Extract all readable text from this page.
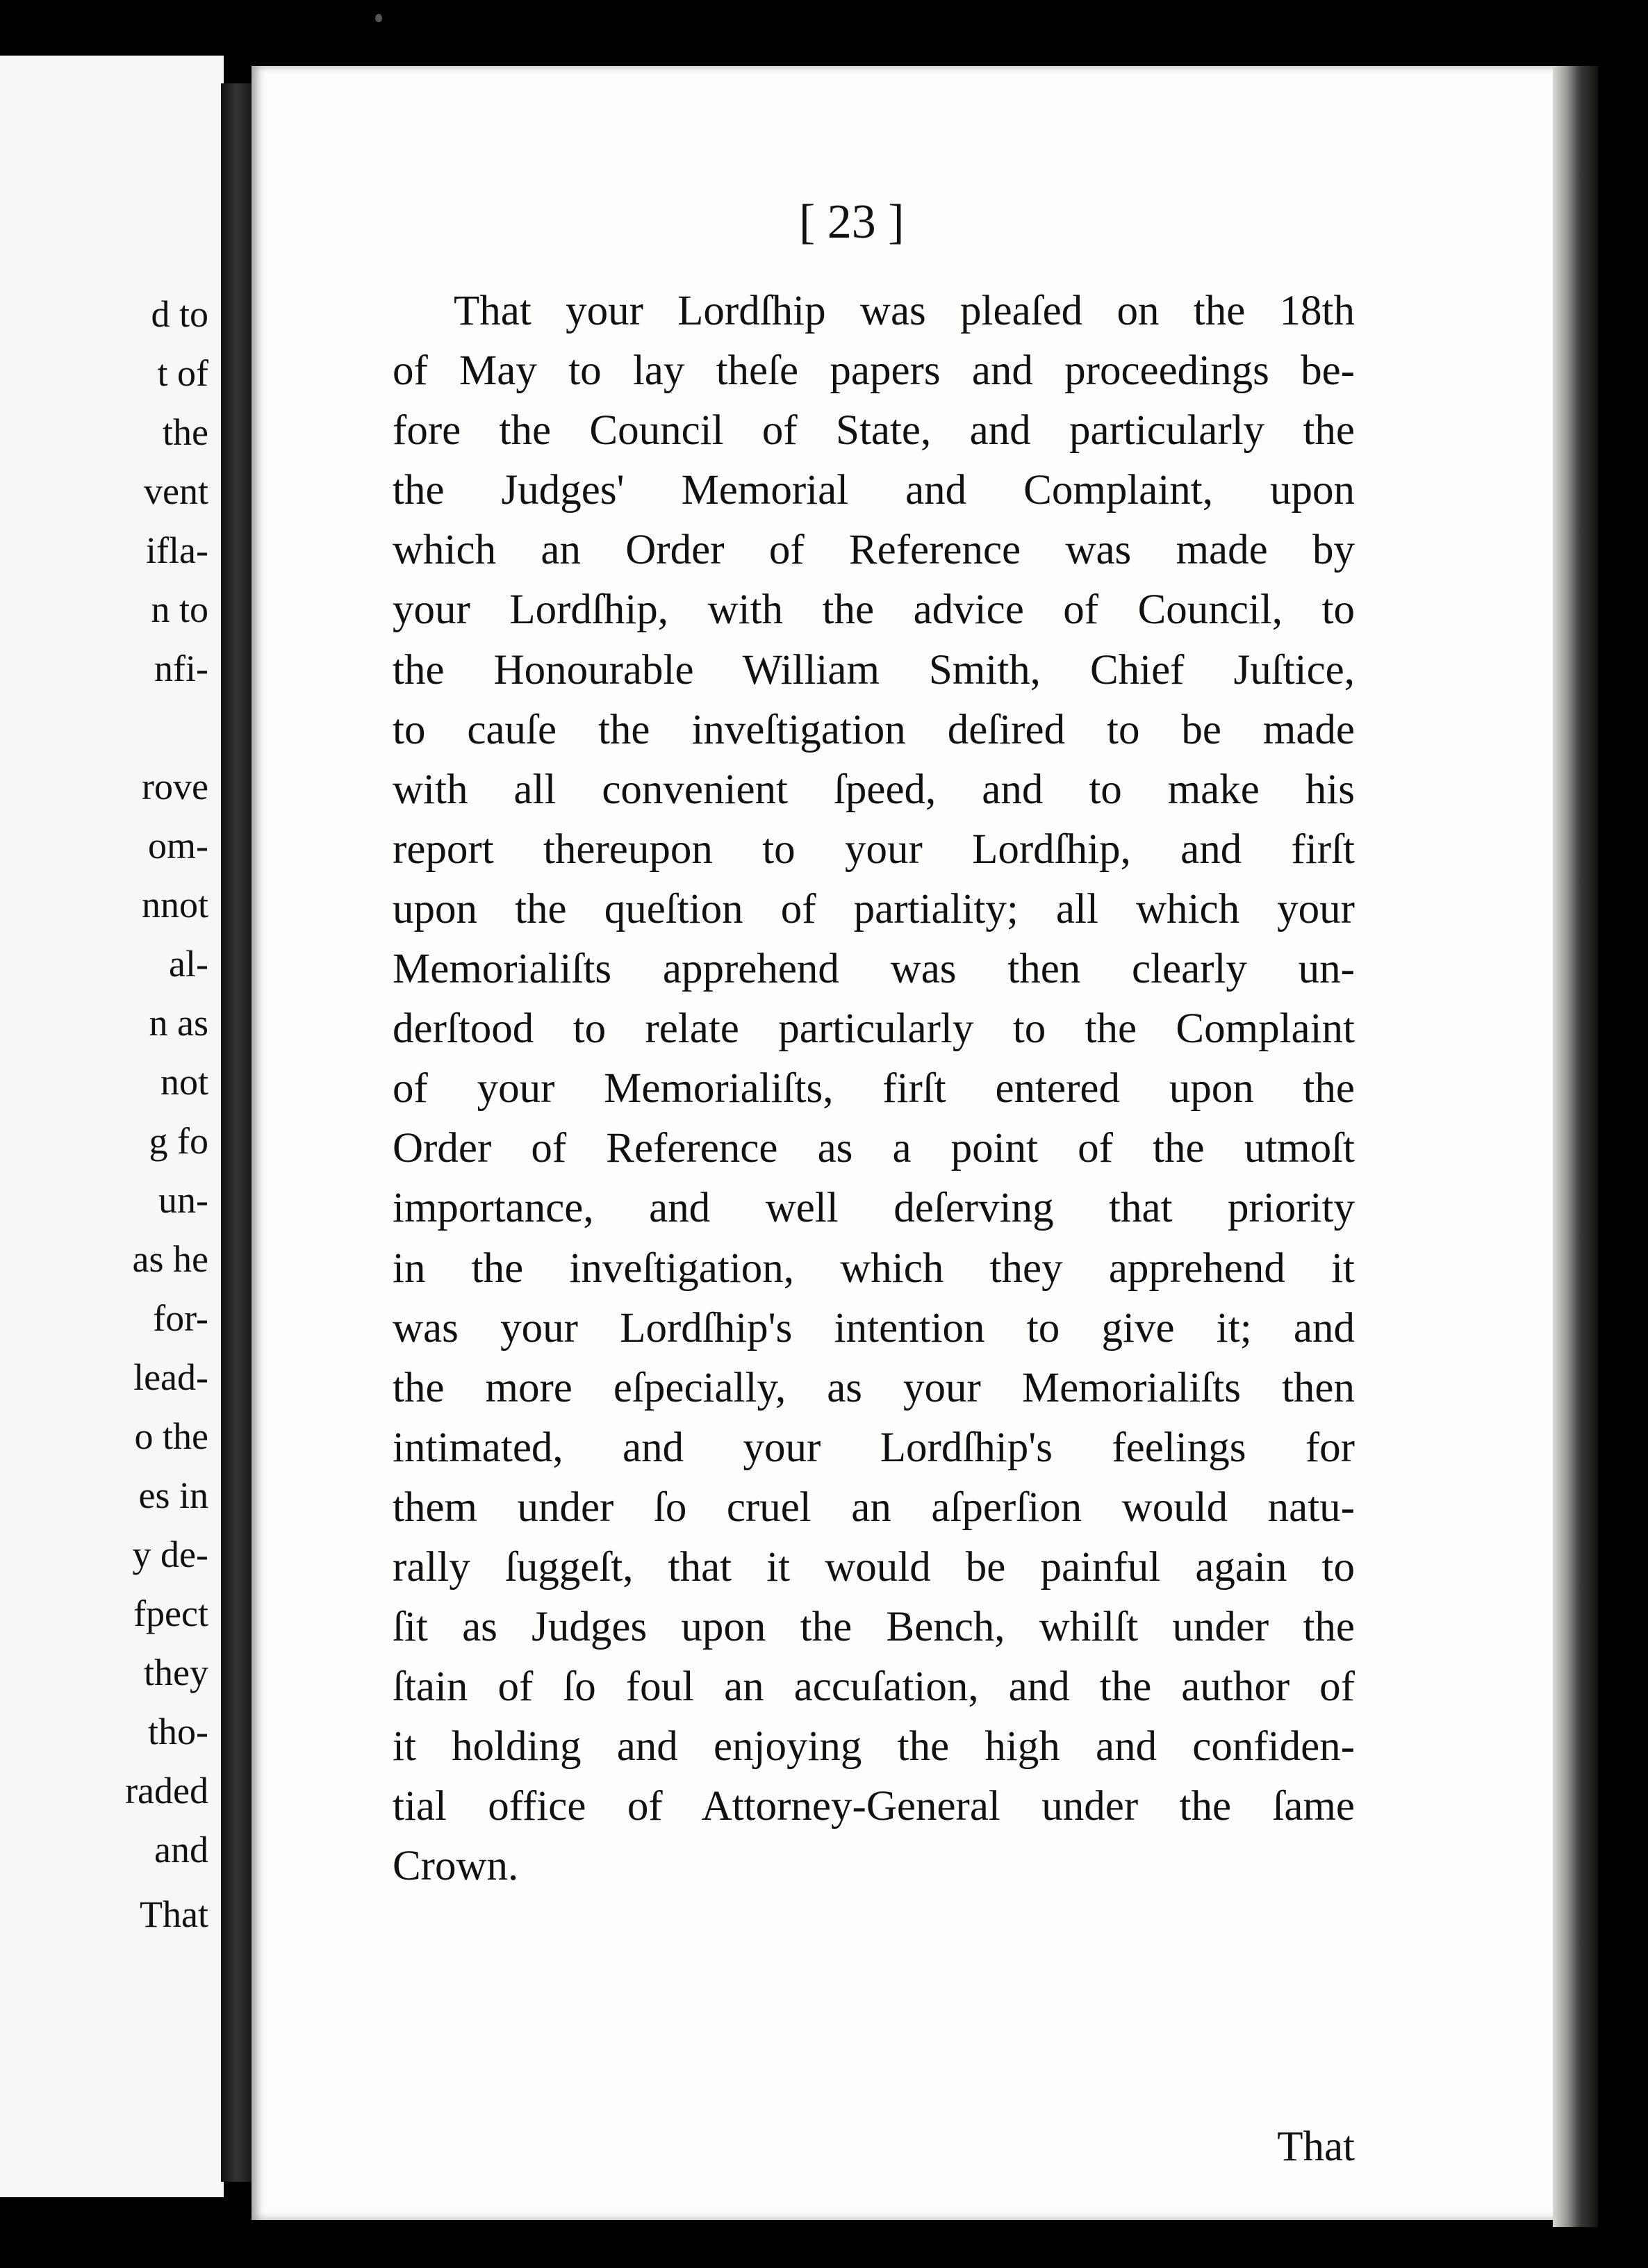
d to
t of
the
vent
ifla-
n to
nfi-
rove
om-
nnot
al-
n as
not
g fo
un-
as he
for-
lead-
o the
es in
y de-
fpect
they
tho-
raded
and
That
[ 23 ]
That your Lordſhip was pleaſed on the 18th
of May to lay theſe papers and proceedings be-
fore the Council of State, and particularly the
the Judges' Memorial and Complaint, upon
which an Order of Reference was made by
your Lordſhip, with the advice of Council, to
the Honourable William Smith, Chief Juſtice,
to cauſe the inveſtigation deſired to be made
with all convenient ſpeed, and to make his
report thereupon to your Lordſhip, and firſt
upon the queſtion of partiality; all which your
Memorialiſts apprehend was then clearly un-
derſtood to relate particularly to the Complaint
of your Memorialiſts, firſt entered upon the
Order of Reference as a point of the utmoſt
importance, and well deſerving that priority
in the inveſtigation, which they apprehend it
was your Lordſhip's intention to give it; and
the more eſpecially, as your Memorialiſts then
intimated, and your Lordſhip's feelings for
them under ſo cruel an aſperſion would natu-
rally ſuggeſt, that it would be painful again to
ſit as Judges upon the Bench, whilſt under the
ſtain of ſo foul an accuſation, and the author of
it holding and enjoying the high and confiden-
tial office of Attorney-General under the ſame
Crown.
That
